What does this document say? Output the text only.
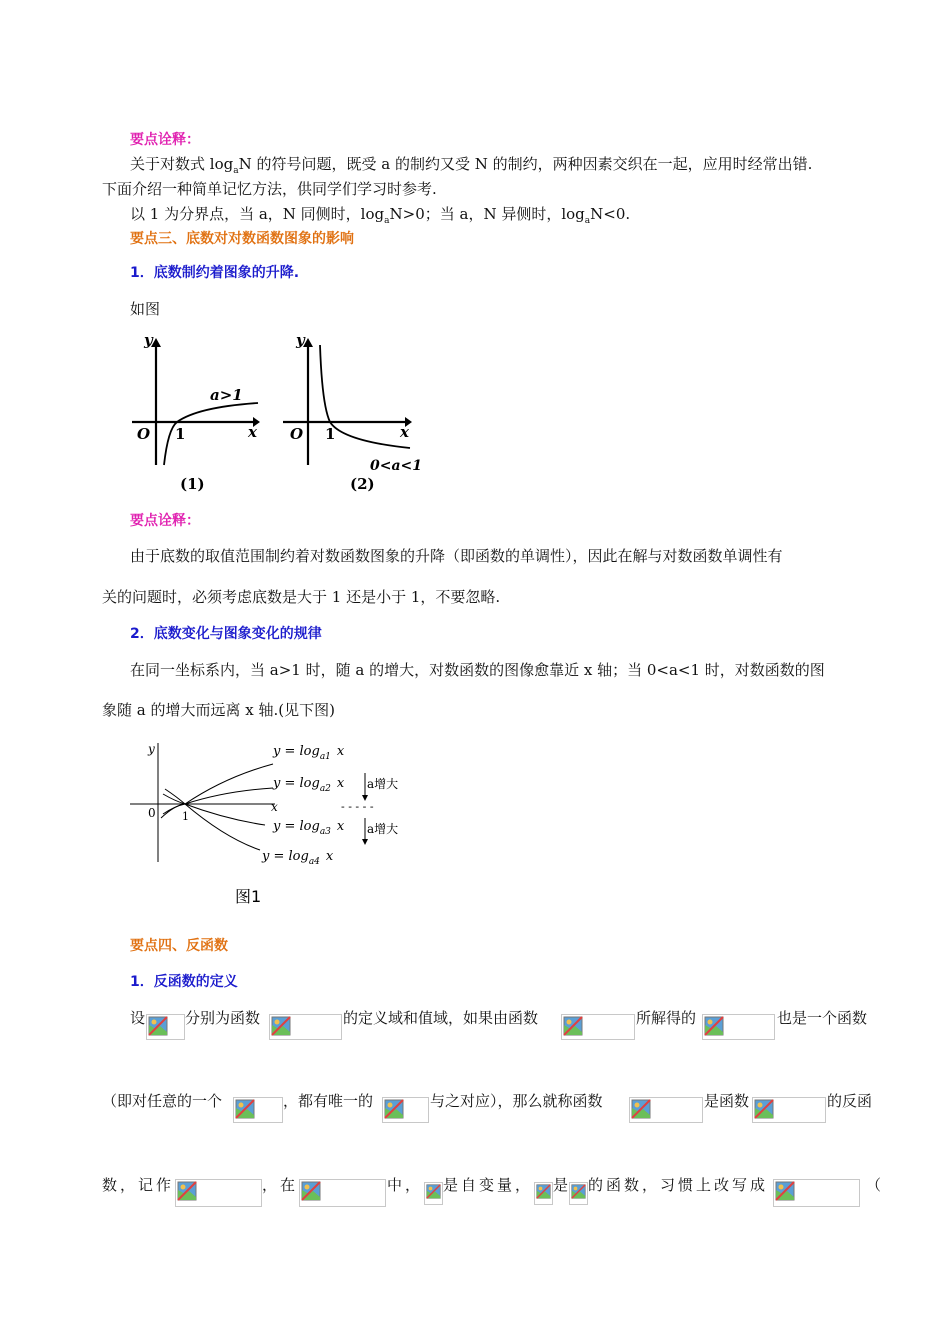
要点诠释：
关于对数式 $\log_aN$ 的符号问题，既受 a 的制约又受 N 的制约，两种因素交织在一起，应用时经常出错.
下面介绍一种简单记忆方法，供同学们学习时参考.
以 1 为分界点，当 a，N 同侧时，$\log_aN>0$；当 a，N 异侧时，$\log_aN<0$.
要点三、底数对对数函数图象的影响
1．底数制约着图象的升降.
如图
y
x
O 1
a>1
(1)
y
x
O 1
0<a<1
(2)
要点诠释：
由于底数的取值范围制约着对数函数图象的升降（即函数的单调性），因此在解与对数函数单调性有
关的问题时，必须考虑底数是大于 1 还是小于 1，不要忽略.
2．底数变化与图象变化的规律
在同一坐标系内，当 a>1 时，随 a 的增大，对数函数的图像愈靠近 x 轴；当 0<a<1 时，对数函数的图
象随 a 的增大而远离 x 轴.(见下图)
y
x
0 1
$y = \log_{a1} x$
$y = \log_{a2} x$
$y = \log_{a3} x$
$y = \log_{a4} x$
a增大
- - - - -
a增大
图1
要点四、反函数
1．反函数的定义
设	分别为函数	的定义域和值域，如果由函数	所解得的	也是一个函数
（即对任意的一个	，都有唯一的	与之对应），那么就称函数	是函数	的反函
数，记作	，在	中， 是自变量， 是 的函数，习惯上改写成	（
